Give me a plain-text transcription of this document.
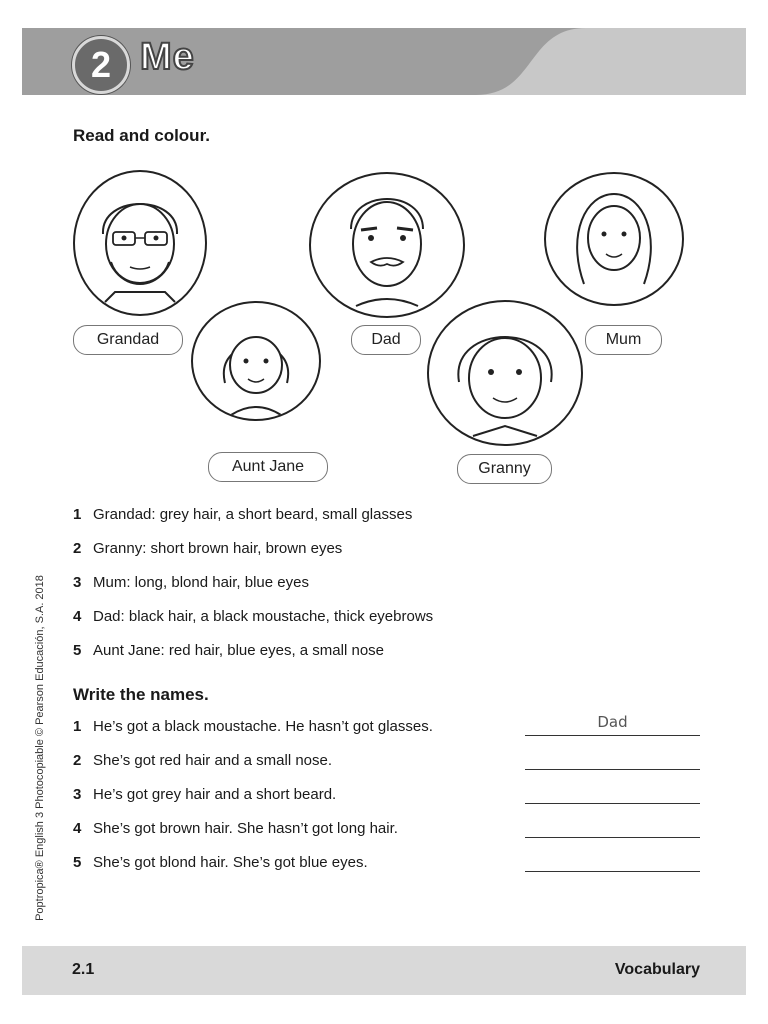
2 Me
Read and colour.
Grandad	Dad	Mum
Aunt Jane	Granny
1 Grandad: grey hair, a short beard, small glasses
2 Granny: short brown hair, brown eyes
3 Mum: long, blond hair, blue eyes
4 Dad: black hair, a black moustache, thick eyebrows
5 Aunt Jane: red hair, blue eyes, a small nose
Write the names.
1 He’s got a black moustache. He hasn’t got glasses.
2 She’s got red hair and a small nose.
3 He’s got grey hair and a short beard.
4 She’s got brown hair. She hasn’t got long hair.
5 She’s got blond hair. She’s got blue eyes.
Dad
Poptropica® English 3 Photocopiable © Pearson Educación, S.A. 2018
2.1	Vocabulary
